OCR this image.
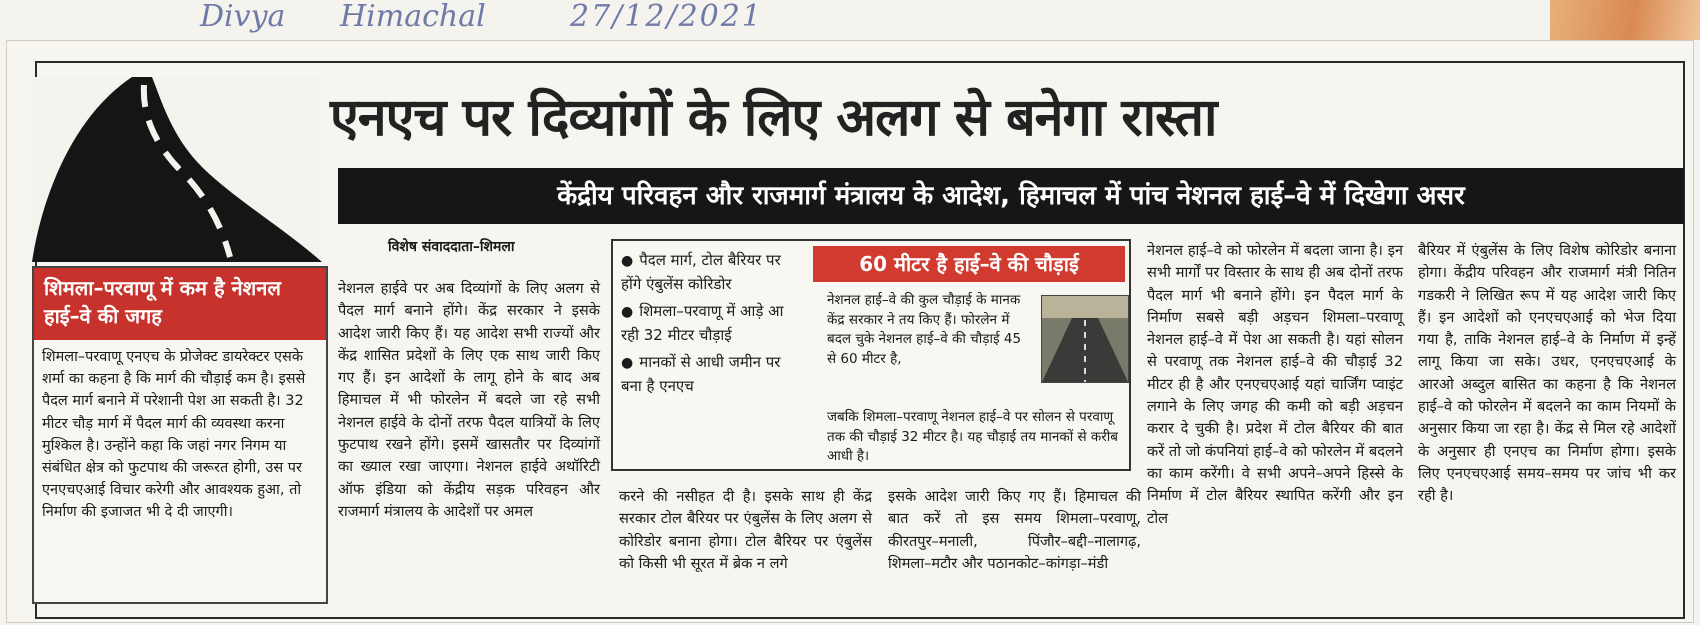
Divya Himachal	27/12/2021
एनएच पर दिव्यांगों के लिए अलग से बनेगा रास्ता
केंद्रीय परिवहन और राजमार्ग मंत्रालय के आदेश, हिमाचल में पांच नेशनल हाई–वे में दिखेगा असर
विशेष संवाददाता–शिमला
शिमला–परवाणू में कम है नेशनल हाई–वे की जगह
शिमला–परवाणू एनएच के प्रोजेक्ट डायरेक्टर एसके शर्मा का कहना है कि मार्ग की चौड़ाई कम है। इससे पैदल मार्ग बनाने में परेशानी पेश आ सकती है। 32 मीटर चौड़ मार्ग में पैदल मार्ग की व्यवस्था करना मुश्किल है। उन्होंने कहा कि जहां नगर निगम या संबंधित क्षेत्र को फुटपाथ की जरूरत होगी, उस पर एनएचएआई विचार करेगी और आवश्यक हुआ, तो निर्माण की इजाजत भी दे दी जाएगी।
नेशनल हाईवे पर अब दिव्यांगों के लिए अलग से पैदल मार्ग बनाने होंगे। केंद्र सरकार ने इसके आदेश जारी किए हैं। यह आदेश सभी राज्यों और केंद्र शासित प्रदेशों के लिए एक साथ जारी किए गए हैं। इन आदेशों के लागू होने के बाद अब हिमाचल में भी फोरलेन में बदले जा रहे सभी नेशनल हाईवे के दोनों तरफ पैदल यात्रियों के लिए फुटपाथ रखने होंगे। इसमें खासतौर पर दिव्यांगों का ख्याल रखा जाएगा। नेशनल हाईवे अथॉरिटी ऑफ इंडिया को केंद्रीय सड़क परिवहन और राजमार्ग मंत्रालय के आदेशों पर अमल
● पैदल मार्ग, टोल बैरियर पर होंगे एंबुलेंस कोरिडोर
● शिमला–परवाणू में आड़े आ रही 32 मीटर चौड़ाई
● मानकों से आधी जमीन पर बना है एनएच
60 मीटर है हाई–वे की चौड़ाई
नेशनल हाई–वे की कुल चौड़ाई के मानक केंद्र सरकार ने तय किए हैं। फोरलेन में बदल चुके नेशनल हाई–वे की चौड़ाई 45 से 60 मीटर है,
जबकि शिमला–परवाणू नेशनल हाई–वे पर सोलन से परवाणू तक की चौड़ाई 32 मीटर है। यह चौड़ाई तय मानकों से करीब आधी है।
करने की नसीहत दी है। इसके साथ ही केंद्र सरकार टोल बैरियर पर एंबुलेंस के लिए अलग से कोरिडोर बनाना होगा। टोल बैरियर पर एंबुलेंस को किसी भी सूरत में ब्रेक न लगे
इसके आदेश जारी किए गए हैं। हिमाचल की बात करें तो इस समय शिमला–परवाणू, कीरतपुर–मनाली, पिंजौर–बद्दी–नालागढ़, शिमला–मटौर और पठानकोट–कांगड़ा–मंडी
नेशनल हाई–वे को फोरलेन में बदला जाना है। इन सभी मार्गों पर विस्तार के साथ ही अब दोनों तरफ पैदल मार्ग भी बनाने होंगे। इन पैदल मार्ग के निर्माण सबसे बड़ी अड़चन शिमला–परवाणू नेशनल हाई–वे में पेश आ सकती है। यहां सोलन से परवाणू तक नेशनल हाई–वे की चौड़ाई 32 मीटर ही है और एनएचएआई यहां चार्जिंग प्वाइंट लगाने के लिए जगह की कमी को बड़ी अड़चन करार दे चुकी है। प्रदेश में टोल बैरियर की बात करें तो जो कंपनियां हाई–वे को फोरलेन में बदलने का काम करेंगी। वे सभी अपने–अपने हिस्से के निर्माण में टोल बैरियर स्थापित करेंगी और इन टोल
बैरियर में एंबुलेंस के लिए विशेष कोरिडोर बनाना होगा। केंद्रीय परिवहन और राजमार्ग मंत्री नितिन गडकरी ने लिखित रूप में यह आदेश जारी किए हैं। इन आदेशों को एनएचएआई को भेज दिया गया है, ताकि नेशनल हाई–वे के निर्माण में इन्हें लागू किया जा सके। उधर, एनएचएआई के आरओ अब्दुल बासित का कहना है कि नेशनल हाई–वे को फोरलेन में बदलने का काम नियमों के अनुसार किया जा रहा है। केंद्र से मिल रहे आदेशों के अनुसार ही एनएच का निर्माण होगा। इसके लिए एनएचएआई समय–समय पर जांच भी कर रही है।
